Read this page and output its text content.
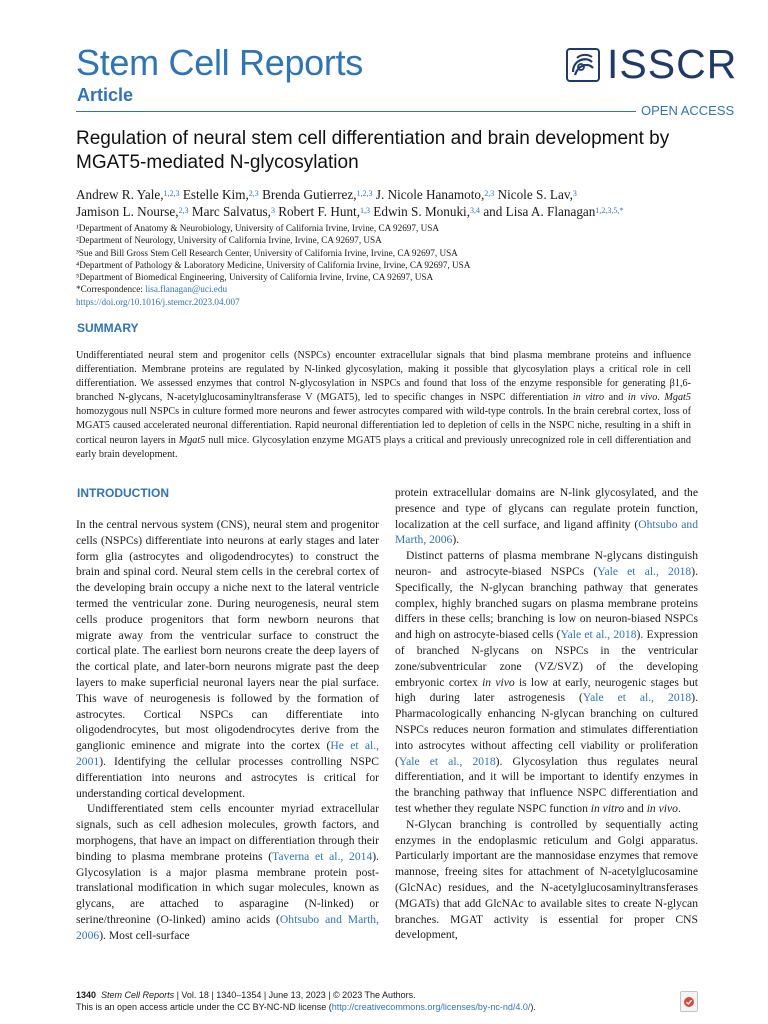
Stem Cell Reports
Article
ISSCR
OPEN ACCESS
Regulation of neural stem cell differentiation and brain development by
MGAT5-mediated N-glycosylation

Andrew R. Yale,$^{1,2,3}$ Estelle Kim,$^{2,3}$ Brenda Gutierrez,$^{1,2,3}$ J. Nicole Hanamoto,$^{2,3}$ Nicole S. Lav,$^3$

Jamison L. Nourse,$^{2,3}$ Marc Salvatus,$^3$ Robert F. Hunt,$^{1,3}$ Edwin S. Monuki,$^{3,4}$ and Lisa A. Flanagan$^{1,2,3,5,*}$

¹Department of Anatomy & Neurobiology, University of California Irvine, Irvine, CA 92697, USA
²Department of Neurology, University of California Irvine, Irvine, CA 92697, USA
³Sue and Bill Gross Stem Cell Research Center, University of California Irvine, Irvine, CA 92697, USA
⁴Department of Pathology & Laboratory Medicine, University of California Irvine, Irvine, CA 92697, USA
⁵Department of Biomedical Engineering, University of California Irvine, Irvine, CA 92697, USA
*Correspondence: lisa.flanagan@uci.edu
https://doi.org/10.1016/j.stemcr.2023.04.007
SUMMARY

Undifferentiated neural stem and progenitor cells (NSPCs) encounter extracellular signals that bind plasma membrane proteins and influence differentiation. Membrane proteins are regulated by N-linked glycosylation, making it possible that glycosylation plays a critical role in cell differentiation. We assessed enzymes that control N-glycosylation in NSPCs and found that loss of the enzyme responsible for generating β1,6-branched N-glycans, N-acetylglucosaminyltransferase V (MGAT5), led to specific changes in NSPC differentiation in vitro and in vivo. Mgat5 homozygous null NSPCs in culture formed more neurons and fewer astrocytes compared with wild-type controls. In the brain cerebral cortex, loss of MGAT5 caused accelerated neuronal differentiation. Rapid neuronal differentiation led to depletion of cells in the NSPC niche, resulting in a shift in cortical neuron layers in Mgat5 null mice. Glycosylation enzyme MGAT5 plays a critical and previously unrecognized role in cell differentiation and early brain development.

INTRODUCTION

In the central nervous system (CNS), neural stem and progenitor cells (NSPCs) differentiate into neurons at early stages and later form glia (astrocytes and oligodendrocytes) to construct the brain and spinal cord. Neural stem cells in the cerebral cortex of the developing brain occupy a niche next to the lateral ventricle termed the ventricular zone. During neurogenesis, neural stem cells produce progenitors that form newborn neurons that migrate away from the ventricular surface to construct the cortical plate. The earliest born neurons create the deep layers of the cortical plate, and later-born neurons migrate past the deep layers to make superficial neuronal layers near the pial surface. This wave of neurogenesis is followed by the formation of astrocytes. Cortical NSPCs can differentiate into oligodendrocytes, but most oligodendrocytes derive from the ganglionic eminence and migrate into the cortex (He et al., 2001). Identifying the cellular processes controlling NSPC differentiation into neurons and astrocytes is critical for understanding cortical development.

Undifferentiated stem cells encounter myriad extracellular signals, such as cell adhesion molecules, growth factors, and morphogens, that have an impact on differentiation through their binding to plasma membrane proteins (Taverna et al., 2014). Glycosylation is a major plasma membrane protein post-translational modification in which sugar molecules, known as glycans, are attached to asparagine (N-linked) or serine/threonine (O-linked) amino acids (Ohtsubo and Marth, 2006). Most cell-surface

protein extracellular domains are N-link glycosylated, and the presence and type of glycans can regulate protein function, localization at the cell surface, and ligand affinity (Ohtsubo and Marth, 2006).

Distinct patterns of plasma membrane N-glycans distinguish neuron- and astrocyte-biased NSPCs (Yale et al., 2018). Specifically, the N-glycan branching pathway that generates complex, highly branched sugars on plasma membrane proteins differs in these cells; branching is low on neuron-biased NSPCs and high on astrocyte-biased cells (Yale et al., 2018). Expression of branched N-glycans on NSPCs in the ventricular zone/subventricular zone (VZ/SVZ) of the developing embryonic cortex in vivo is low at early, neurogenic stages but high during later astrogenesis (Yale et al., 2018). Pharmacologically enhancing N-glycan branching on cultured NSPCs reduces neuron formation and stimulates differentiation into astrocytes without affecting cell viability or proliferation (Yale et al., 2018). Glycosylation thus regulates neural differentiation, and it will be important to identify enzymes in the branching pathway that influence NSPC differentiation and test whether they regulate NSPC function in vitro and in vivo.

N-Glycan branching is controlled by sequentially acting enzymes in the endoplasmic reticulum and Golgi apparatus. Particularly important are the mannosidase enzymes that remove mannose, freeing sites for attachment of N-acetylglucosamine (GlcNAc) residues, and the N-acetylglucosaminyltransferases (MGATs) that add GlcNAc to available sites to create N-glycan branches. MGAT activity is essential for proper CNS development,

1340 Stem Cell Reports | Vol. 18 | 1340–1354 | June 13, 2023 | © 2023 The Authors.
This is an open access article under the CC BY-NC-ND license (http://creativecommons.org/licenses/by-nc-nd/4.0/).
